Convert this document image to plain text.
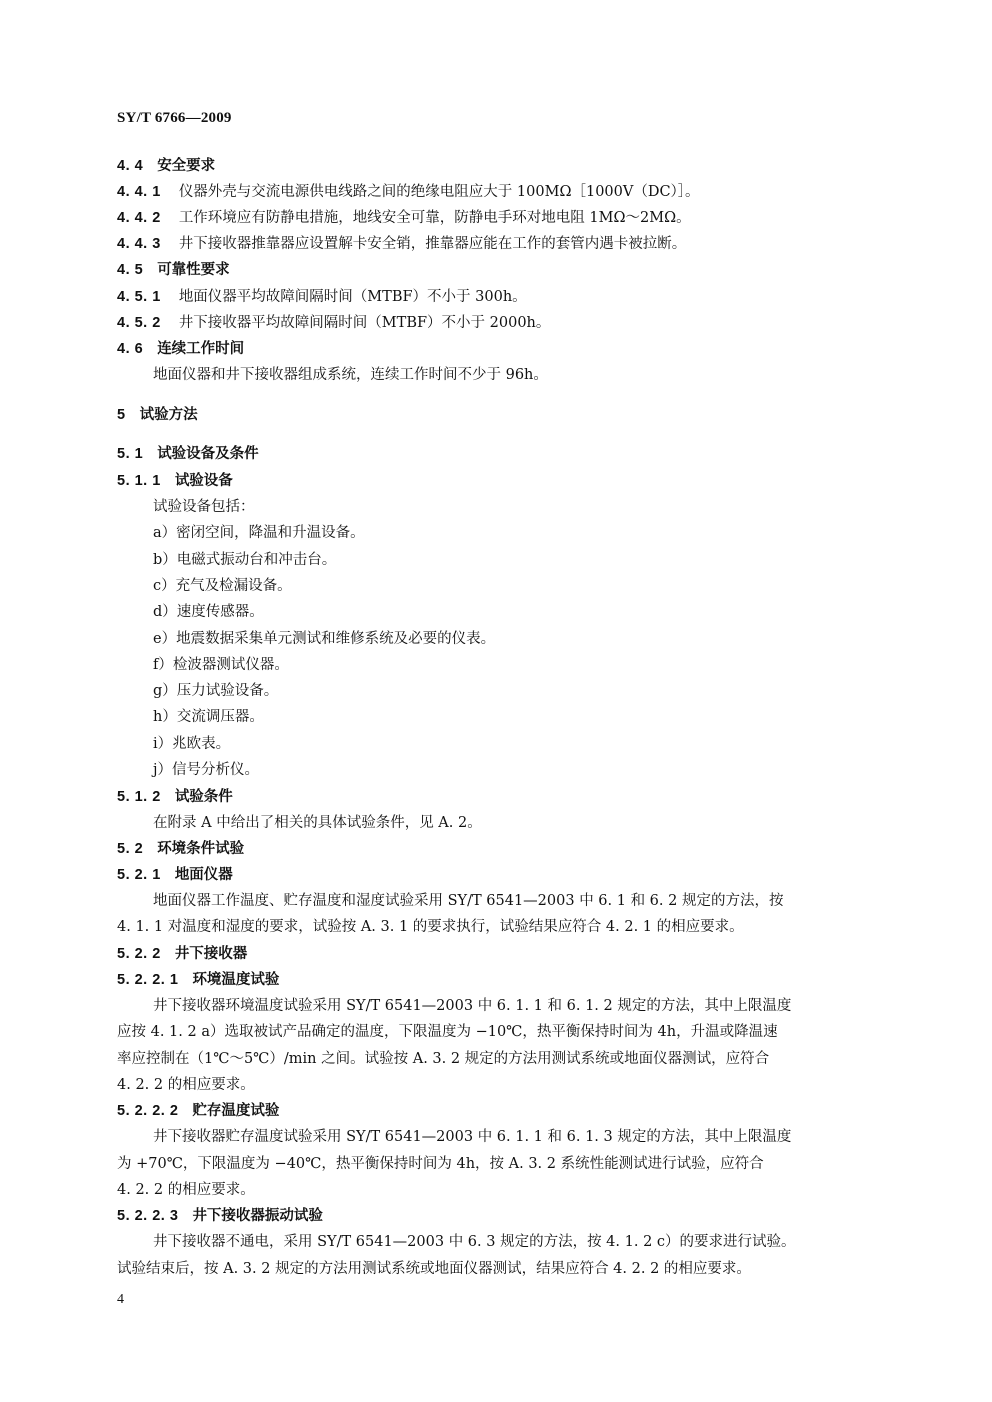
SY/T 6766—2009
4. 4 安全要求
4. 4. 1 仪器外壳与交流电源供电线路之间的绝缘电阻应大于 100MΩ［1000V（DC）］。
4. 4. 2 工作环境应有防静电措施，地线安全可靠，防静电手环对地电阻 1MΩ～2MΩ。
4. 4. 3 井下接收器推靠器应设置解卡安全销，推靠器应能在工作的套管内遇卡被拉断。
4. 5 可靠性要求
4. 5. 1 地面仪器平均故障间隔时间（MTBF）不小于 300h。
4. 5. 2 井下接收器平均故障间隔时间（MTBF）不小于 2000h。
4. 6 连续工作时间
地面仪器和井下接收器组成系统，连续工作时间不少于 96h。
5 试验方法
5. 1 试验设备及条件
5. 1. 1 试验设备
试验设备包括：
a）密闭空间，降温和升温设备。
b）电磁式振动台和冲击台。
c）充气及检漏设备。
d）速度传感器。
e）地震数据采集单元测试和维修系统及必要的仪表。
f）检波器测试仪器。
g）压力试验设备。
h）交流调压器。
i）兆欧表。
j）信号分析仪。
5. 1. 2 试验条件
在附录 A 中给出了相关的具体试验条件，见 A. 2。
5. 2 环境条件试验
5. 2. 1 地面仪器
地面仪器工作温度、贮存温度和湿度试验采用 SY/T 6541—2003 中 6. 1 和 6. 2 规定的方法，按
4. 1. 1 对温度和湿度的要求，试验按 A. 3. 1 的要求执行，试验结果应符合 4. 2. 1 的相应要求。
5. 2. 2 井下接收器
5. 2. 2. 1 环境温度试验
井下接收器环境温度试验采用 SY/T 6541—2003 中 6. 1. 1 和 6. 1. 2 规定的方法，其中上限温度
应按 4. 1. 2 a）选取被试产品确定的温度，下限温度为 −10℃，热平衡保持时间为 4h，升温或降温速
率应控制在（1℃～5℃）/min 之间。试验按 A. 3. 2 规定的方法用测试系统或地面仪器测试，应符合
4. 2. 2 的相应要求。
5. 2. 2. 2 贮存温度试验
井下接收器贮存温度试验采用 SY/T 6541—2003 中 6. 1. 1 和 6. 1. 3 规定的方法，其中上限温度
为 +70℃，下限温度为 −40℃，热平衡保持时间为 4h，按 A. 3. 2 系统性能测试进行试验，应符合
4. 2. 2 的相应要求。
5. 2. 2. 3 井下接收器振动试验
井下接收器不通电，采用 SY/T 6541—2003 中 6. 3 规定的方法，按 4. 1. 2 c）的要求进行试验。
试验结束后，按 A. 3. 2 规定的方法用测试系统或地面仪器测试，结果应符合 4. 2. 2 的相应要求。
4
